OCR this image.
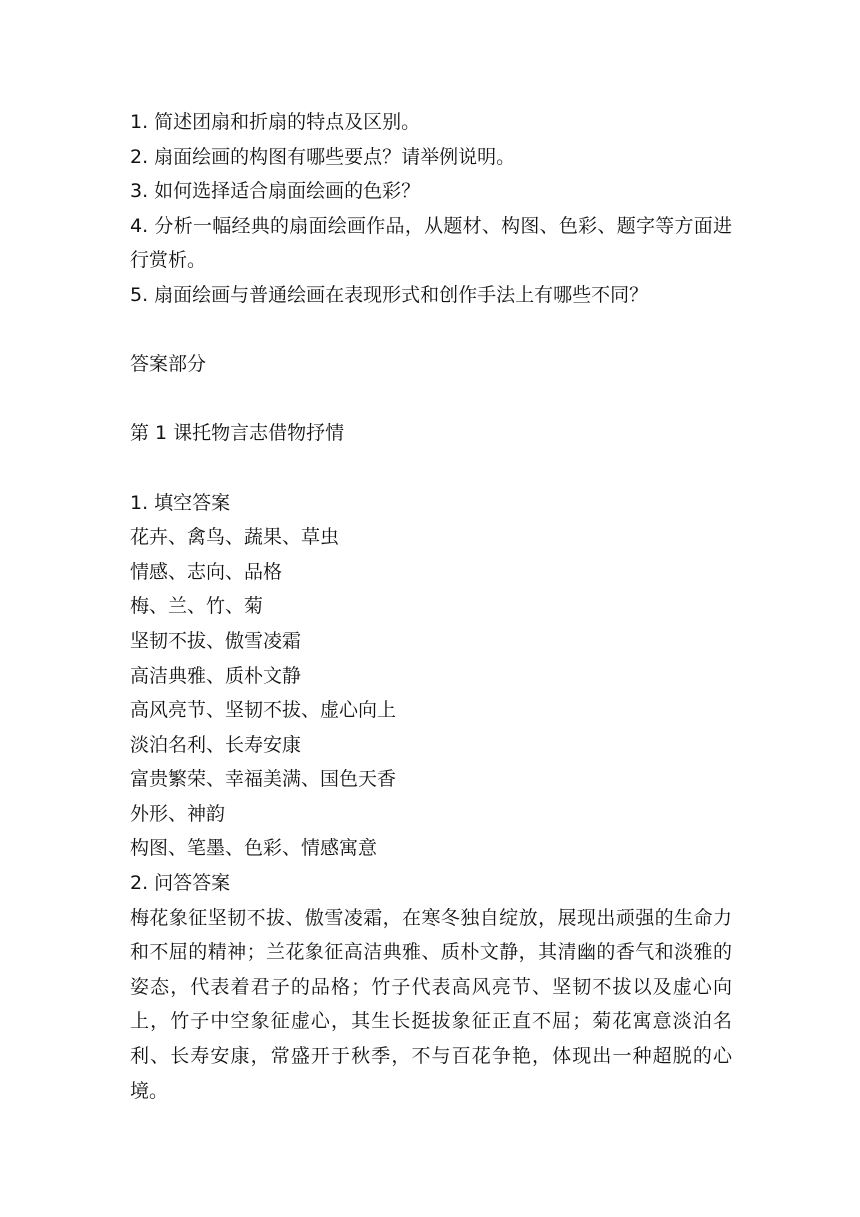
1. 简述团扇和折扇的特点及区别。
2. 扇面绘画的构图有哪些要点？请举例说明。
3. 如何选择适合扇面绘画的色彩？
4. 分析一幅经典的扇面绘画作品，从题材、构图、色彩、题字等方面进行赏析。
5. 扇面绘画与普通绘画在表现形式和创作手法上有哪些不同？
答案部分
第 1 课托物言志借物抒情
1. 填空答案
花卉、禽鸟、蔬果、草虫
情感、志向、品格
梅、兰、竹、菊
坚韧不拔、傲雪凌霜
高洁典雅、质朴文静
高风亮节、坚韧不拔、虚心向上
淡泊名利、长寿安康
富贵繁荣、幸福美满、国色天香
外形、神韵
构图、笔墨、色彩、情感寓意
2. 问答答案
梅花象征坚韧不拔、傲雪凌霜，在寒冬独自绽放，展现出顽强的生命力和不屈的精神；兰花象征高洁典雅、质朴文静，其清幽的香气和淡雅的姿态，代表着君子的品格；竹子代表高风亮节、坚韧不拔以及虚心向上，竹子中空象征虚心，其生长挺拔象征正直不屈；菊花寓意淡泊名利、长寿安康，常盛开于秋季，不与百花争艳，体现出一种超脱的心境。
